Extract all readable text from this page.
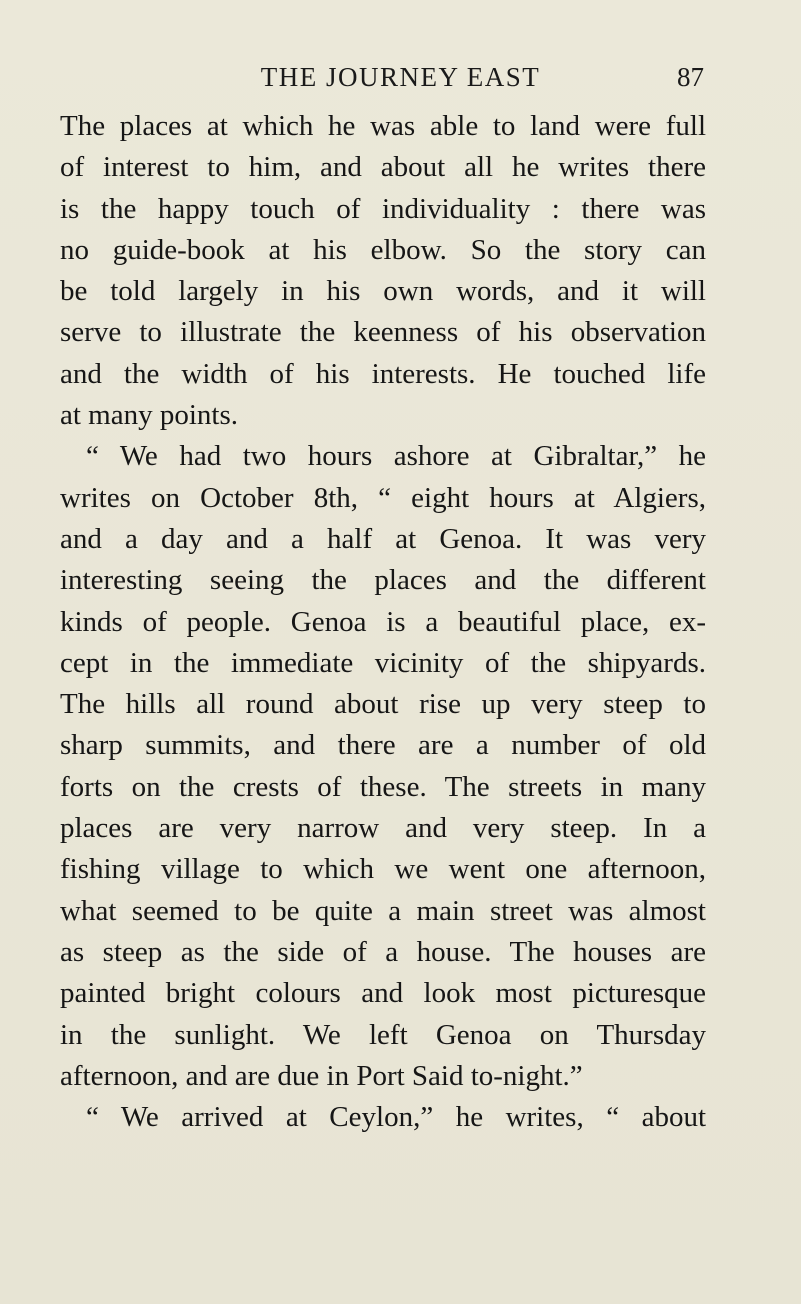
THE JOURNEY EAST	87
The places at which he was able to land were full
of interest to him, and about all he writes there
is the happy touch of individuality : there was
no guide-book at his elbow. So the story can
be told largely in his own words, and it will
serve to illustrate the keenness of his observation
and the width of his interests. He touched life
at many points.
“ We had two hours ashore at Gibraltar,” he
writes on October 8th, “ eight hours at Algiers,
and a day and a half at Genoa. It was very
interesting seeing the places and the different
kinds of people. Genoa is a beautiful place, ex-
cept in the immediate vicinity of the shipyards.
The hills all round about rise up very steep to
sharp summits, and there are a number of old
forts on the crests of these. The streets in many
places are very narrow and very steep. In a
fishing village to which we went one afternoon,
what seemed to be quite a main street was almost
as steep as the side of a house. The houses are
painted bright colours and look most picturesque
in the sunlight. We left Genoa on Thursday
afternoon, and are due in Port Said to-night.”
“ We arrived at Ceylon,” he writes, “ about
